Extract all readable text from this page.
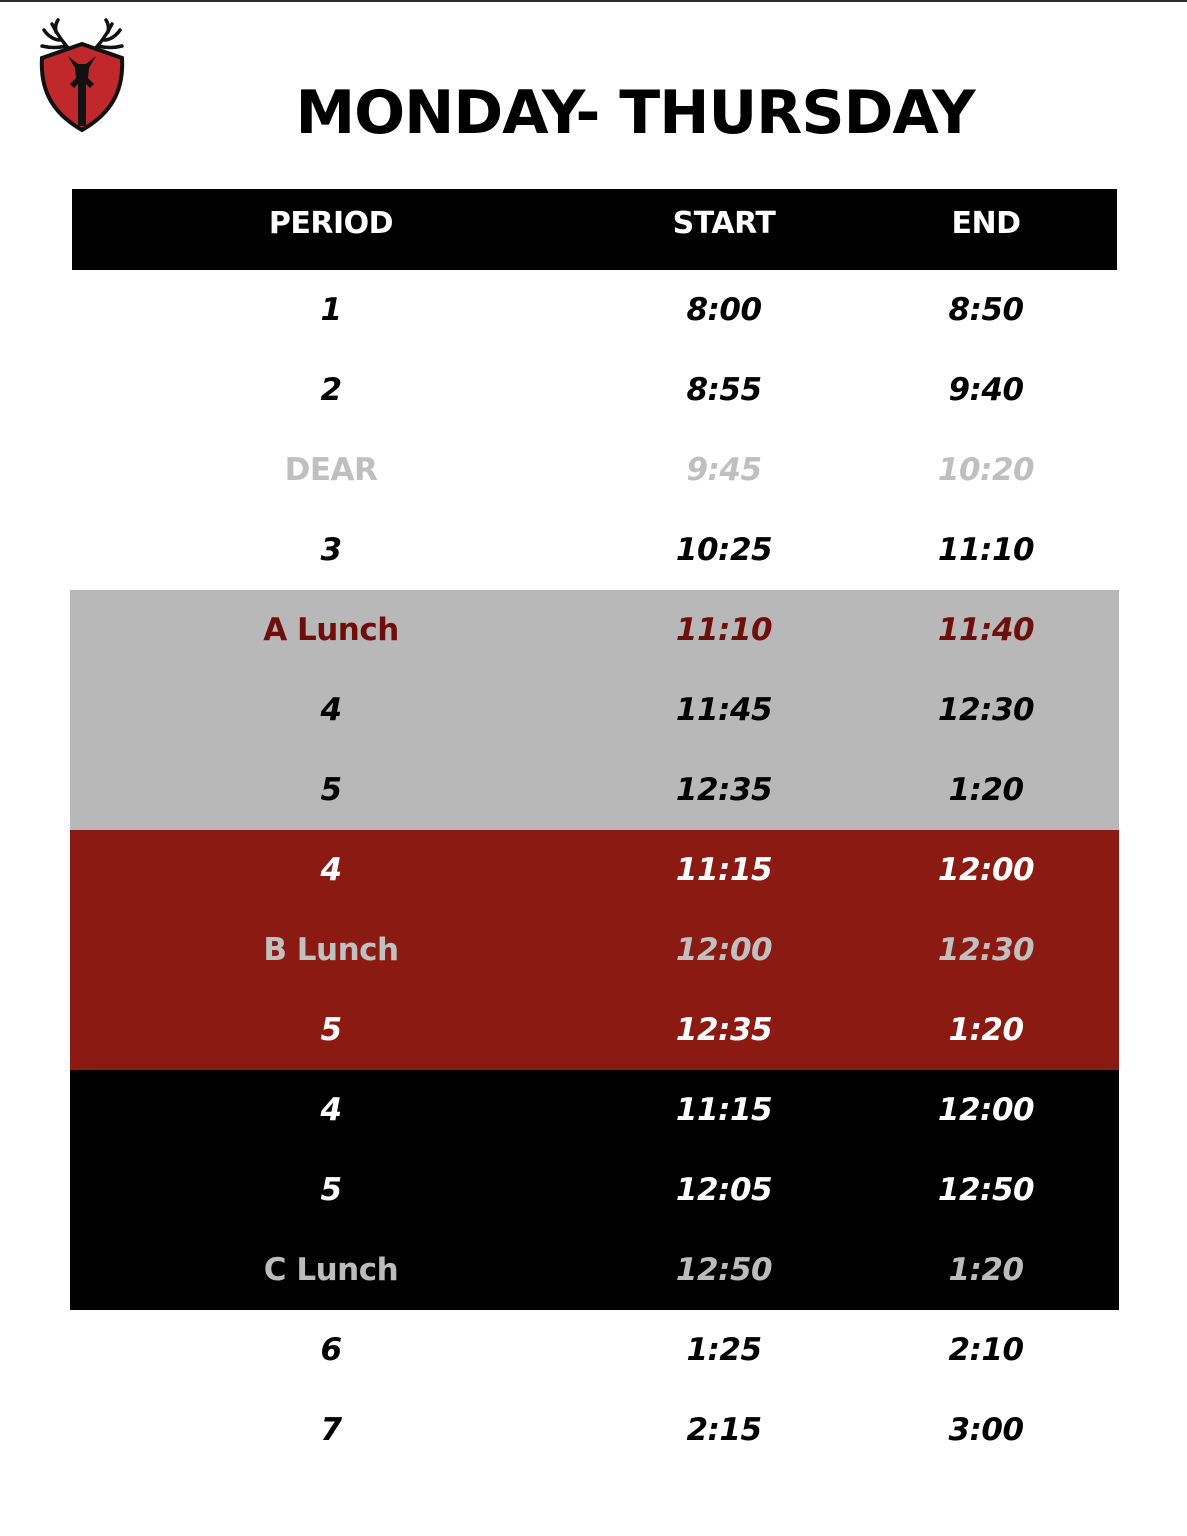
MONDAY- THURSDAY
PERIOD	START	END
1	8:00	8:50
2	8:55	9:40
DEAR	9:45	10:20
3	10:25	11:10
A Lunch	11:10	11:40
4	11:45	12:30
5	12:35	1:20
4	11:15	12:00
B Lunch	12:00	12:30
5	12:35	1:20
4	11:15	12:00
5	12:05	12:50
C Lunch	12:50	1:20
6	1:25	2:10
7	2:15	3:00
